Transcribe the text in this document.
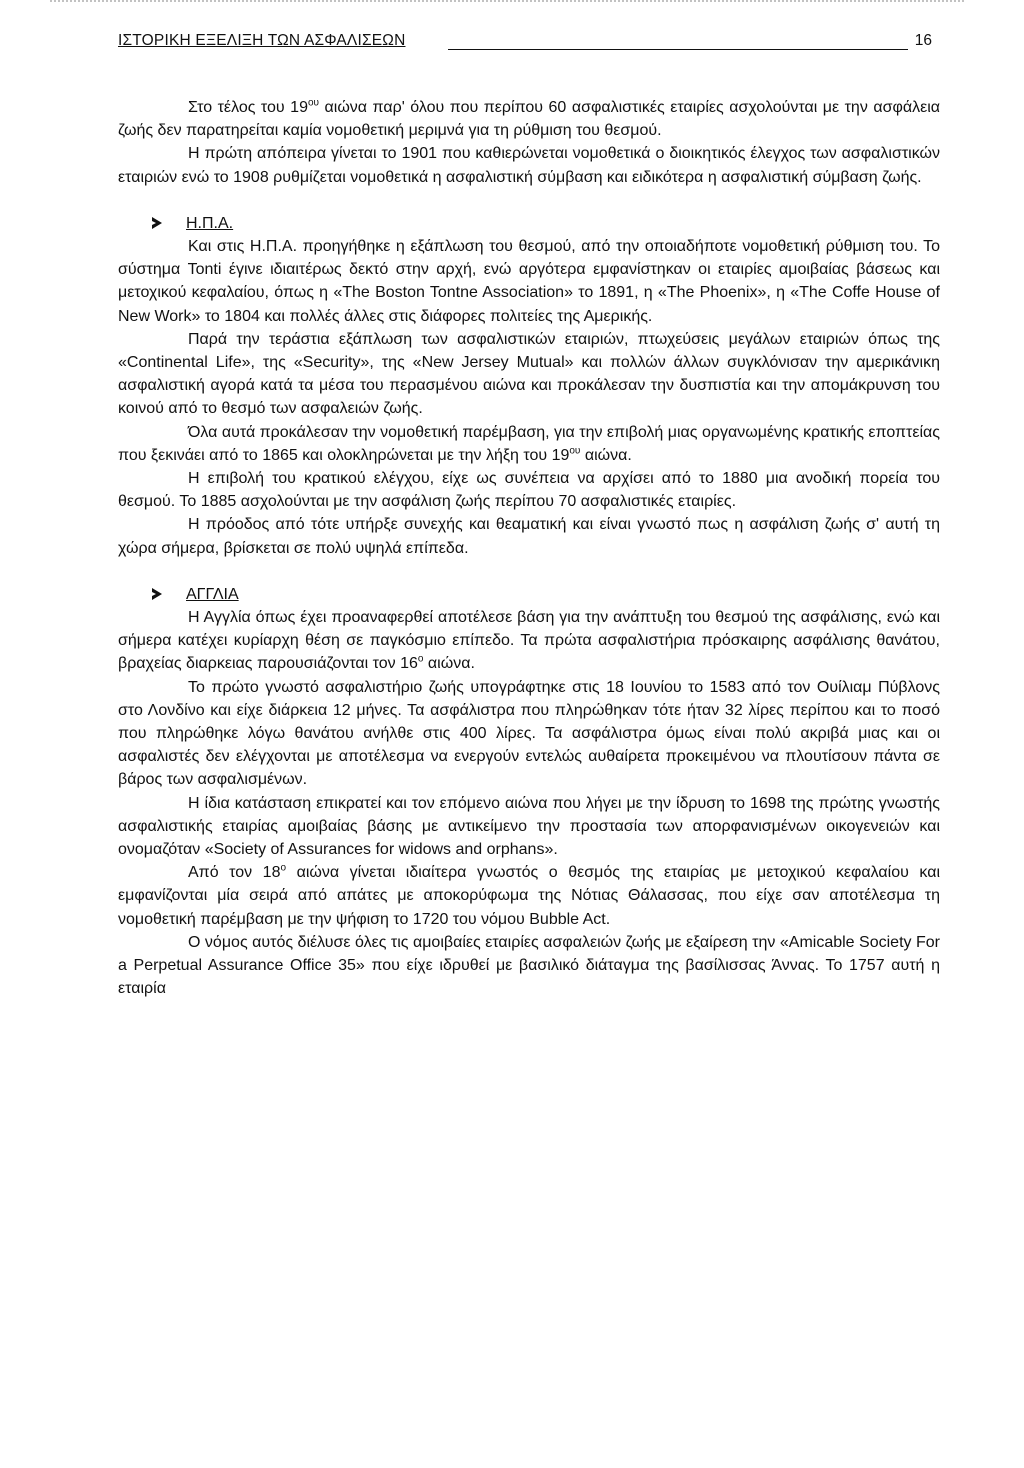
ΙΣΤΟΡΙΚΗ ΕΞΕΛΙΞΗ ΤΩΝ ΑΣΦΑΛΙΣΕΩΝ	16

Στο τέλος του $19^{o\upsilon}$ αιώνα παρ' όλου που περίπου 60 ασφαλιστικές εταιρίες ασχολούνται με την ασφάλεια ζωής δεν παρατηρείται καμία νομοθετική μεριμνά για τη ρύθμιση του θεσμού.

Η πρώτη απόπειρα γίνεται το 1901 που καθιερώνεται νομοθετικά ο διοικητικός έλεγχος των ασφαλιστικών εταιριών ενώ το 1908 ρυθμίζεται νομοθετικά η ασφαλιστική σύμβαση και ειδικότερα η ασφαλιστική σύμβαση ζωής.

Η.Π.Α.

Και στις Η.Π.Α. προηγήθηκε η εξάπλωση του θεσμού, από την οποιαδήποτε νομοθετική ρύθμιση του. Το σύστημα Tonti έγινε ιδιαιτέρως δεκτό στην αρχή, ενώ αργότερα εμφανίστηκαν οι εταιρίες αμοιβαίας βάσεως και μετοχικού κεφαλαίου, όπως η «The Boston Tontne Association» το 1891, η «The Phoenix», η «The Coffe House of New Work» το 1804 και πολλές άλλες στις διάφορες πολιτείες της Αμερικής.

Παρά την τεράστια εξάπλωση των ασφαλιστικών εταιριών, πτωχεύσεις μεγάλων εταιριών όπως της «Continental Life», της «Security», της «New Jersey Mutual» και πολλών άλλων συγκλόνισαν την αμερικάνικη ασφαλιστική αγορά κατά τα μέσα του περασμένου αιώνα και προκάλεσαν την δυσπιστία και την απομάκρυνση του κοινού από το θεσμό των ασφαλειών ζωής.

Όλα αυτά προκάλεσαν την νομοθετική παρέμβαση, για την επιβολή μιας οργανωμένης κρατικής εποπτείας που ξεκινάει από το 1865 και ολοκληρώνεται με την λήξη του $19^{o\upsilon}$ αιώνα.

Η επιβολή του κρατικού ελέγχου, είχε ως συνέπεια να αρχίσει από το 1880 μια ανοδική πορεία του θεσμού. Το 1885 ασχολούνται με την ασφάλιση ζωής περίπου 70 ασφαλιστικές εταιρίες.

Η πρόοδος από τότε υπήρξε συνεχής και θεαματική και είναι γνωστό πως η ασφάλιση ζωής σ' αυτή τη χώρα σήμερα, βρίσκεται σε πολύ υψηλά επίπεδα.

ΑΓΓΛΙΑ

Η Αγγλία όπως έχει προαναφερθεί αποτέλεσε βάση για την ανάπτυξη του θεσμού της ασφάλισης, ενώ και σήμερα κατέχει κυρίαρχη θέση σε παγκόσμιο επίπεδο. Τα πρώτα ασφαλιστήρια πρόσκαιρης ασφάλισης θανάτου, βραχείας διαρκειας παρουσιάζονται τον $16^o$ αιώνα.

Το πρώτο γνωστό ασφαλιστήριο ζωής υπογράφτηκε στις 18 Ιουνίου το 1583 από τον Ουίλιαμ Πύβλονς στο Λονδίνο και είχε διάρκεια 12 μήνες. Τα ασφάλιστρα που πληρώθηκαν τότε ήταν 32 λίρες περίπου και το ποσό που πληρώθηκε λόγω θανάτου ανήλθε στις 400 λίρες. Τα ασφάλιστρα όμως είναι πολύ ακριβά μιας και οι ασφαλιστές δεν ελέγχονται με αποτέλεσμα να ενεργούν εντελώς αυθαίρετα προκειμένου να πλουτίσουν πάντα σε βάρος των ασφαλισμένων.

Η ίδια κατάσταση επικρατεί και τον επόμενο αιώνα που λήγει με την ίδρυση το 1698 της πρώτης γνωστής ασφαλιστικής εταιρίας αμοιβαίας βάσης με αντικείμενο την προστασία των απορφανισμένων οικογενειών και ονομαζόταν «Society of Assurances for widows and orphans».

Από τον $18^o$ αιώνα γίνεται ιδιαίτερα γνωστός ο θεσμός της εταιρίας με μετοχικού κεφαλαίου και εμφανίζονται μία σειρά από απάτες με αποκορύφωμα της Νότιας Θάλασσας, που είχε σαν αποτέλεσμα τη νομοθετική παρέμβαση με την ψήφιση το 1720 του νόμου Bubble Act.

Ο νόμος αυτός διέλυσε όλες τις αμοιβαίες εταιρίες ασφαλειών ζωής με εξαίρεση την «Amicable Society For a Perpetual Assurance Office 35» που είχε ιδρυθεί με βασιλικό διάταγμα της βασίλισσας Άννας. Το 1757 αυτή η εταιρία
